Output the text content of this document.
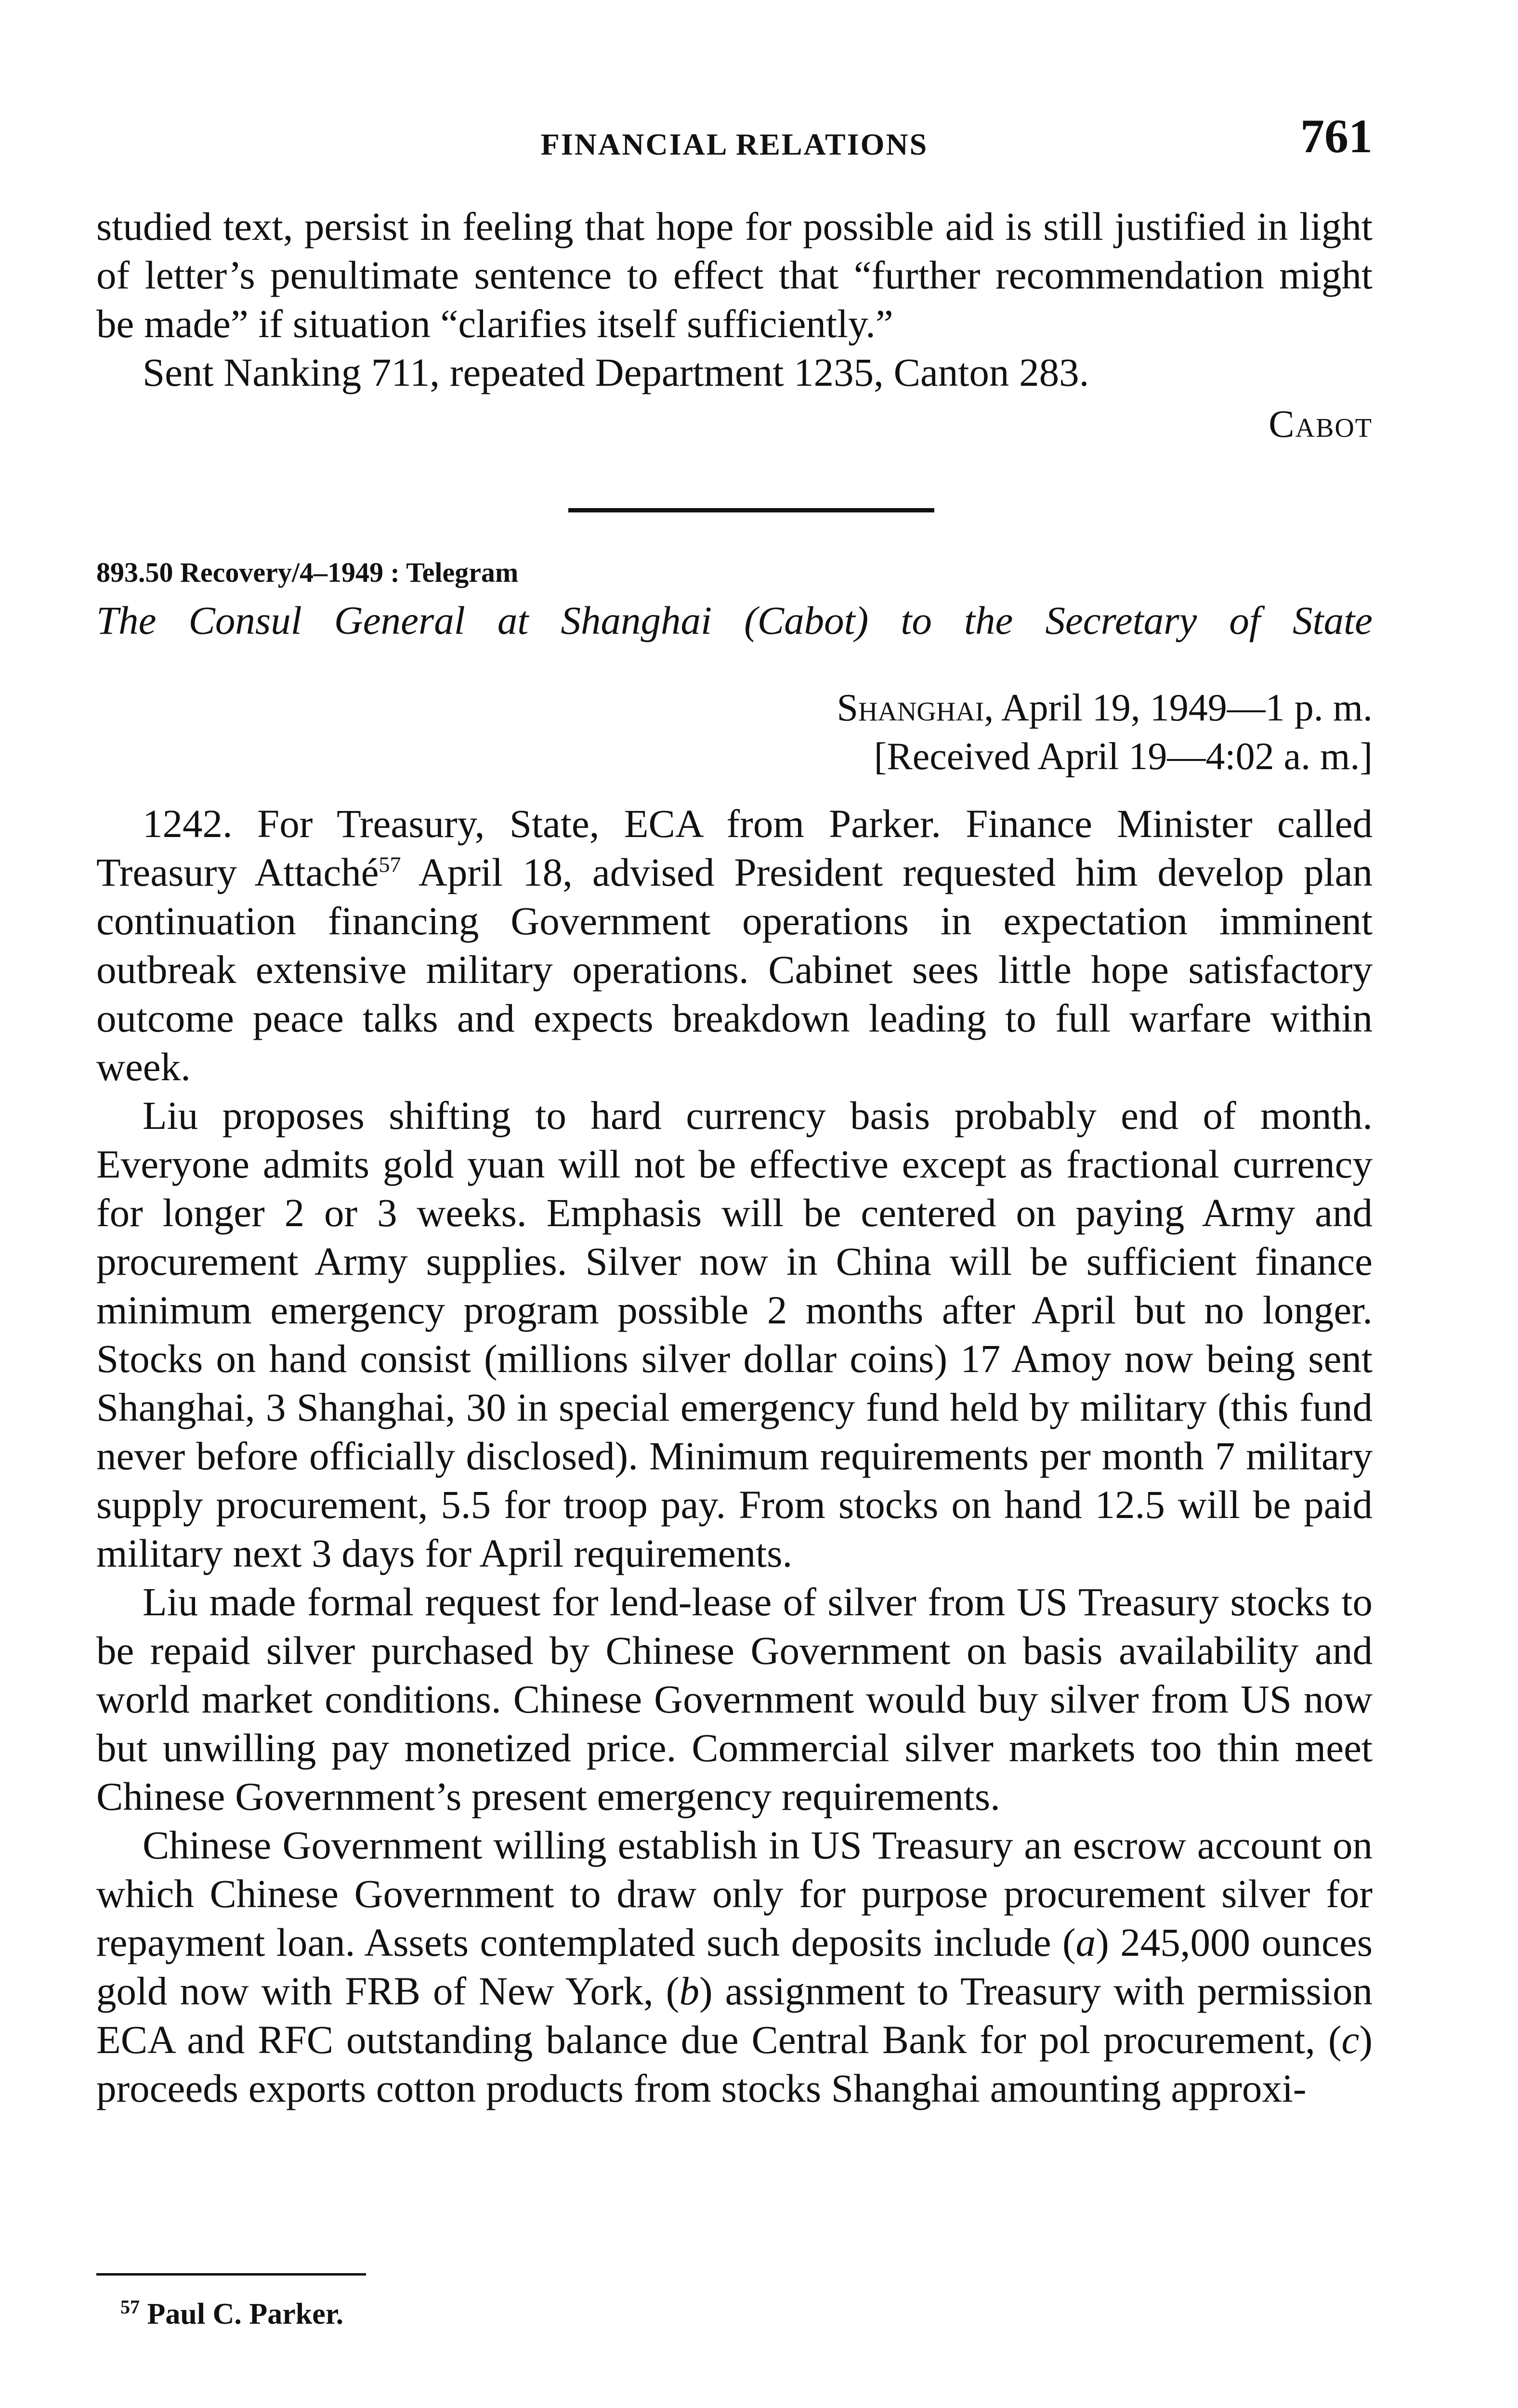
FINANCIAL RELATIONS	761

studied text, persist in feeling that hope for possible aid is still justified in light of letter’s penultimate sentence to effect that “further recommendation might be made” if situation “clarifies itself sufficiently.”

Sent Nanking 711, repeated Department 1235, Canton 283.

Cabot
893.50 Recovery/4–1949 : Telegram
The Consul General at Shanghai (Cabot) to the Secretary of State
Shanghai, April 19, 1949—1 p. m.
[Received April 19—4:02 a. m.]

1242. For Treasury, State, ECA from Parker. Finance Minister called Treasury Attaché$^{57}$ April 18, advised President requested him develop plan continuation financing Government operations in expectation imminent outbreak extensive military operations. Cabinet sees little hope satisfactory outcome peace talks and expects breakdown leading to full warfare within week.

Liu proposes shifting to hard currency basis probably end of month. Everyone admits gold yuan will not be effective except as fractional currency for longer 2 or 3 weeks. Emphasis will be centered on paying Army and procurement Army supplies. Silver now in China will be sufficient finance minimum emergency program possible 2 months after April but no longer. Stocks on hand consist (millions silver dollar coins) 17 Amoy now being sent Shanghai, 3 Shanghai, 30 in special emergency fund held by military (this fund never before officially disclosed). Minimum requirements per month 7 military supply procurement, 5.5 for troop pay. From stocks on hand 12.5 will be paid military next 3 days for April requirements.

Liu made formal request for lend-lease of silver from US Treasury stocks to be repaid silver purchased by Chinese Government on basis availability and world market conditions. Chinese Government would buy silver from US now but unwilling pay monetized price. Commercial silver markets too thin meet Chinese Government’s present emergency requirements.

Chinese Government willing establish in US Treasury an escrow account on which Chinese Government to draw only for purpose procurement silver for repayment loan. Assets contemplated such deposits include (a) 245,000 ounces gold now with FRB of New York, (b) assignment to Treasury with permission ECA and RFC outstanding balance due Central Bank for pol procurement, (c) proceeds exports cotton products from stocks Shanghai amounting approxi-

$^{57}$ Paul C. Parker.
